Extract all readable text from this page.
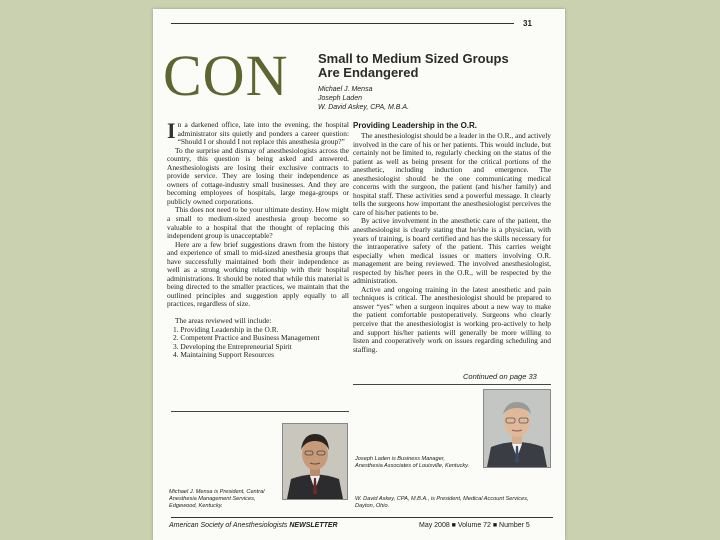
31
CON Small to Medium Sized Groups
Are Endangered
Michael J. Mensa
Joseph Laden
W. David Askey, CPA, M.B.A.

In a darkened office, late into the evening, the hospital administrator sits quietly and ponders a career question: “Should I or should I not replace this anesthesia group?”

To the surprise and dismay of anesthesiologists across the country, this question is being asked and answered. Anesthesiologists are losing their exclusive contracts to provide service. They are losing their independence as owners of cottage-industry small businesses. And they are becoming employees of hospitals, large mega-groups or publicly owned corporations.

This does not need to be your ultimate destiny. How might a small to medium-sized anesthesia group become so valuable to a hospital that the thought of replacing this independent group is unacceptable?

Here are a few brief suggestions drawn from the history and experience of small to mid-sized anesthesia groups that have successfully maintained both their independence as well as a strong working relationship with their hospital administrations. It should be noted that while this material is being directed to the smaller practices, we maintain that the outlined principles and suggestion apply equally to all practices, regardless of size.

The areas reviewed will include:

1. Providing Leadership in the O.R.

2. Competent Practice and Business Management

3. Developing the Entrepreneurial Spirit

4. Maintaining Support Resources

Providing Leadership in the O.R.

The anesthesiologist should be a leader in the O.R., and actively involved in the care of his or her patients. This would include, but certainly not be limited to, regularly checking on the status of the patient as well as being present for the critical portions of the anesthetic, including induction and emergence. The anesthesiologist should be the one communicating medical concerns with the surgeon, the patient (and his/her family) and hospital staff. These activities send a powerful message. It clearly tells the surgeons how important the anesthesiologist perceives the care of his/her patients to be.

By active involvement in the anesthetic care of the patient, the anesthesiologist is clearly stating that he/she is a physician, with years of training, is board certified and has the skills necessary for the intraoperative safety of the patient. This carries weight especially when medical issues or matters involving O.R. management are being reviewed. The involved anesthesiologist, respected by his/her peers in the O.R., will be respected by the administration.

Active and ongoing training in the latest anesthetic and pain techniques is critical. The anesthesiologist should be prepared to answer “yes” when a surgeon inquires about a new way to make the patient comfortable postoperatively. Surgeons who clearly perceive that the anesthesiologist is working pro-actively to help and support his/her patients will generally be more willing to listen and cooperatively work on issues regarding scheduling and staffing.

Continued on page 33
Michael J. Mensa is President, Central Anesthesia Management Services, Edgewood, Kentucky.
Joseph Laden is Business Manager, Anesthesia Associates of Louisville, Kentucky.
W. David Askey, CPA, M.B.A., is President, Medical Account Services, Dayton, Ohio.
American Society of Anesthesiologists NEWSLETTER	May 2008 ■ Volume 72 ■ Number 5
